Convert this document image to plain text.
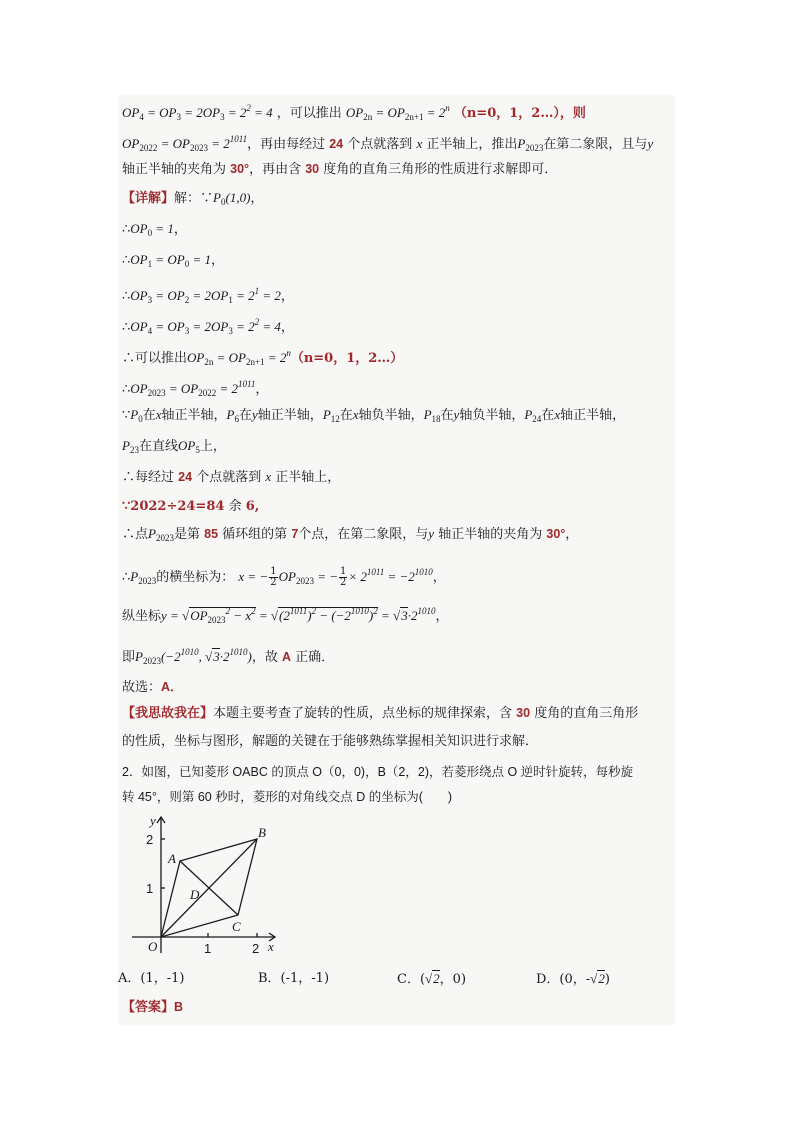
$OP_4 = OP_3 = 2OP_3 = 2^2 = 4$ ，可以推出 $OP_{2n} = OP_{2n+1} = 2^n$ （n=0，1，2…），则
$OP_{2022} = OP_{2023} = 2^{1011}$，再由每经过 24 个点就落到 x 正半轴上，推出$P_{2023}$在第二象限，且与y
轴正半轴的夹角为 30°，再由含 30 度角的直角三角形的性质进行求解即可．
【详解】解：$\because P_0(1,0)$，
$\therefore OP_0 = 1$，
$\therefore OP_1 = OP_0 = 1$，
$\therefore OP_3 = OP_2 = 2OP_1 = 2^1 = 2$，
$\therefore OP_4 = OP_3 = 2OP_3 = 2^2 = 4$，
∴可以推出$OP_{2n} = OP_{2n+1} = 2^n(n=0$，1，2…）
$\therefore OP_{2023} = OP_{2022} = 2^{1011}$，
$\because P_0$在x轴正半轴，$P_6$在y轴正半轴，$P_{12}$在x轴负半轴，$P_{18}$在y轴负半轴，$P_{24}$在x轴正半轴，
$P_{23}$在直线$OP_5$上，
∴每经过 24 个点就落到 x 正半轴上，
∵2022÷24=84 余 6,
∴点$P_{2023}$是第 85 循环组的第 7个点，在第二象限，与y 轴正半轴的夹角为 30°，
$\therefore P_{2023}$的横坐标为： x = − $\frac{1}{2} OP_{2023}$ = − $\frac{1}{2} \times 2^{1011} = -2^{1010}$，
纵坐标$y = √OP_{2023}^2 - x^2 = √(2^{1011})^2 - (-2^{1010})^2 = √3\cdot 2^{1010}$，
即$P_{2023}(-2^{1010}$, $√3\cdot 2^{1010}$)，故 A 正确．
故选：A．
【我思故我在】本题主要考查了旋转的性质，点坐标的规律探索，含 30 度角的直角三角形
的性质，坐标与图形，解题的关键在于能够熟练掌握相关知识进行求解．
2．如图，已知菱形 OABC 的顶点 O（0，0)，B（2，2)，若菱形绕点 O 逆时针旋转，每秒旋
转 45°，则第 60 秒时，菱形的对角线交点 D 的坐标为(　　)
y
x
O
A
B
C
D
1	2
1
2
A．(1，-1)	B．(-1，-1)	C．(√2，0)	D．(0，-√2)
【答案】B
